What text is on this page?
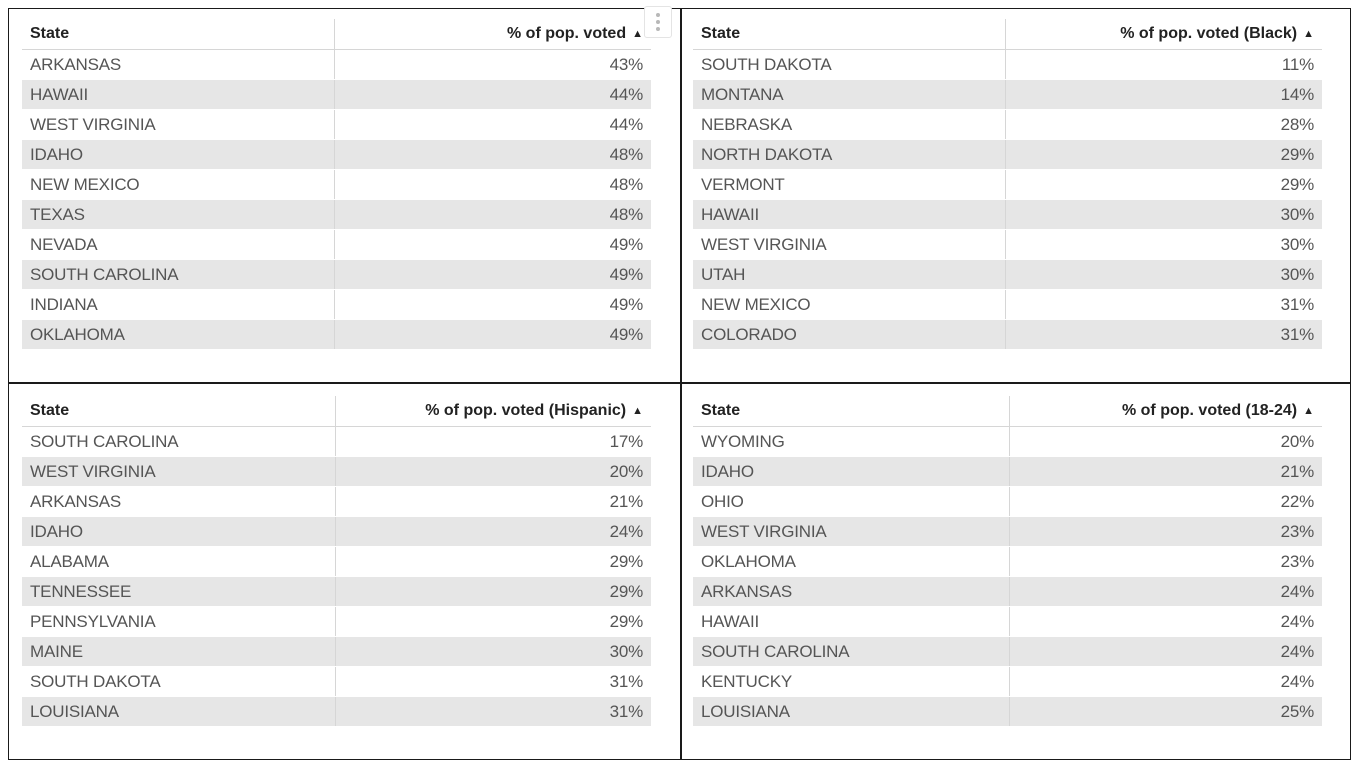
State	% of pop. voted ▲
ARKANSAS	43%
HAWAII	44%
WEST VIRGINIA	44%
IDAHO	48%
NEW MEXICO	48%
TEXAS	48%
NEVADA	49%
SOUTH CAROLINA	49%
INDIANA	49%
OKLAHOMA	49%
State	% of pop. voted (Black) ▲
SOUTH DAKOTA	11%
MONTANA	14%
NEBRASKA	28%
NORTH DAKOTA	29%
VERMONT	29%
HAWAII	30%
WEST VIRGINIA	30%
UTAH	30%
NEW MEXICO	31%
COLORADO	31%
State	% of pop. voted (Hispanic) ▲
SOUTH CAROLINA	17%
WEST VIRGINIA	20%
ARKANSAS	21%
IDAHO	24%
ALABAMA	29%
TENNESSEE	29%
PENNSYLVANIA	29%
MAINE	30%
SOUTH DAKOTA	31%
LOUISIANA	31%
State	% of pop. voted (18-24) ▲
WYOMING	20%
IDAHO	21%
OHIO	22%
WEST VIRGINIA	23%
OKLAHOMA	23%
ARKANSAS	24%
HAWAII	24%
SOUTH CAROLINA	24%
KENTUCKY	24%
LOUISIANA	25%
